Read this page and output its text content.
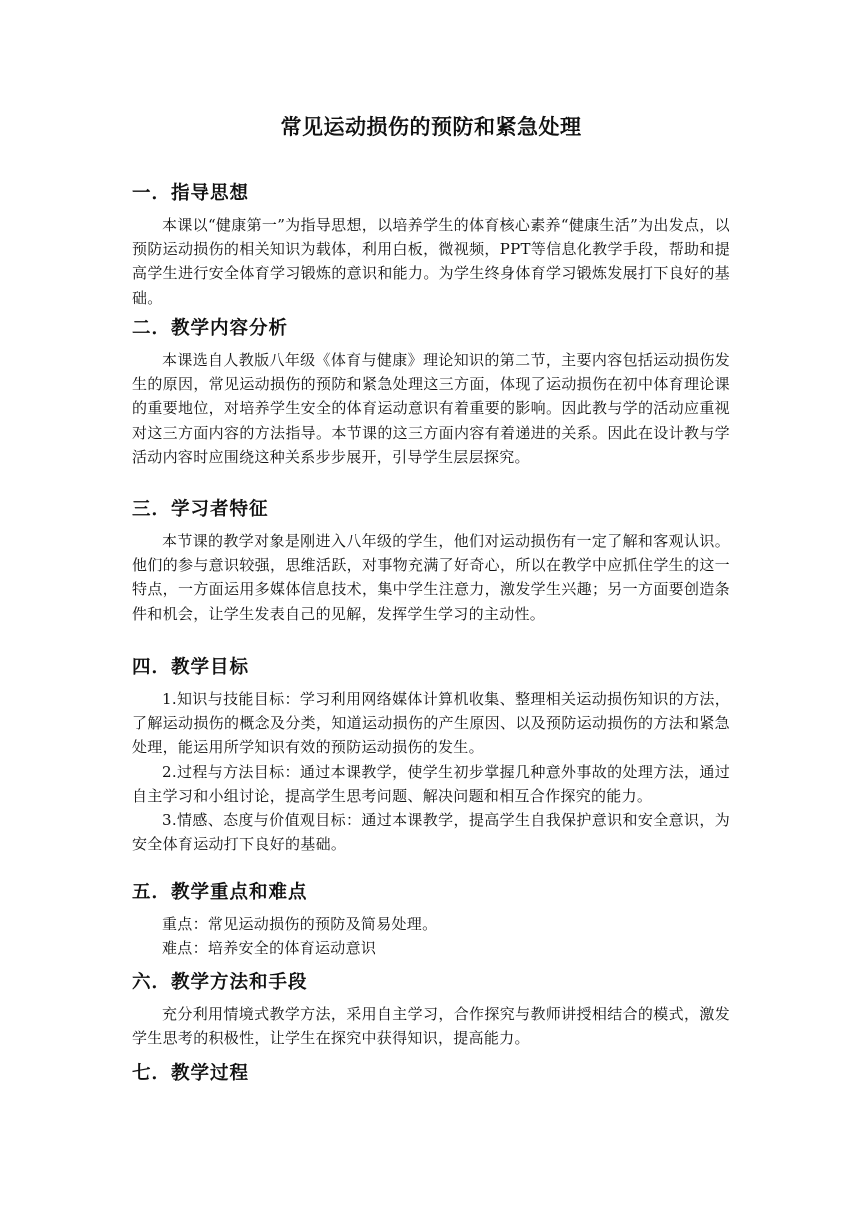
常见运动损伤的预防和紧急处理
一．指导思想

本课以“健康第一”为指导思想，以培养学生的体育核心素养“健康生活”为出发点，以预防运动损伤的相关知识为载体，利用白板，微视频，PPT等信息化教学手段，帮助和提高学生进行安全体育学习锻炼的意识和能力。为学生终身体育学习锻炼发展打下良好的基础。

二．教学内容分析

本课选自人教版八年级《体育与健康》理论知识的第二节，主要内容包括运动损伤发生的原因，常见运动损伤的预防和紧急处理这三方面，体现了运动损伤在初中体育理论课的重要地位，对培养学生安全的体育运动意识有着重要的影响。因此教与学的活动应重视对这三方面内容的方法指导。本节课的这三方面内容有着递进的关系。因此在设计教与学活动内容时应围绕这种关系步步展开，引导学生层层探究。

三．学习者特征

本节课的教学对象是刚进入八年级的学生，他们对运动损伤有一定了解和客观认识。他们的参与意识较强，思维活跃，对事物充满了好奇心，所以在教学中应抓住学生的这一特点，一方面运用多媒体信息技术，集中学生注意力，激发学生兴趣；另一方面要创造条件和机会，让学生发表自己的见解，发挥学生学习的主动性。

四．教学目标

1.知识与技能目标：学习利用网络媒体计算机收集、整理相关运动损伤知识的方法，了解运动损伤的概念及分类，知道运动损伤的产生原因、以及预防运动损伤的方法和紧急处理，能运用所学知识有效的预防运动损伤的发生。

2.过程与方法目标：通过本课教学，使学生初步掌握几种意外事故的处理方法，通过自主学习和小组讨论，提高学生思考问题、解决问题和相互合作探究的能力。

3.情感、态度与价值观目标：通过本课教学，提高学生自我保护意识和安全意识，为安全体育运动打下良好的基础。

五．教学重点和难点

重点：常见运动损伤的预防及简易处理。

难点：培养安全的体育运动意识

六．教学方法和手段

充分利用情境式教学方法，采用自主学习，合作探究与教师讲授相结合的模式，激发学生思考的积极性，让学生在探究中获得知识，提高能力。

七．教学过程
